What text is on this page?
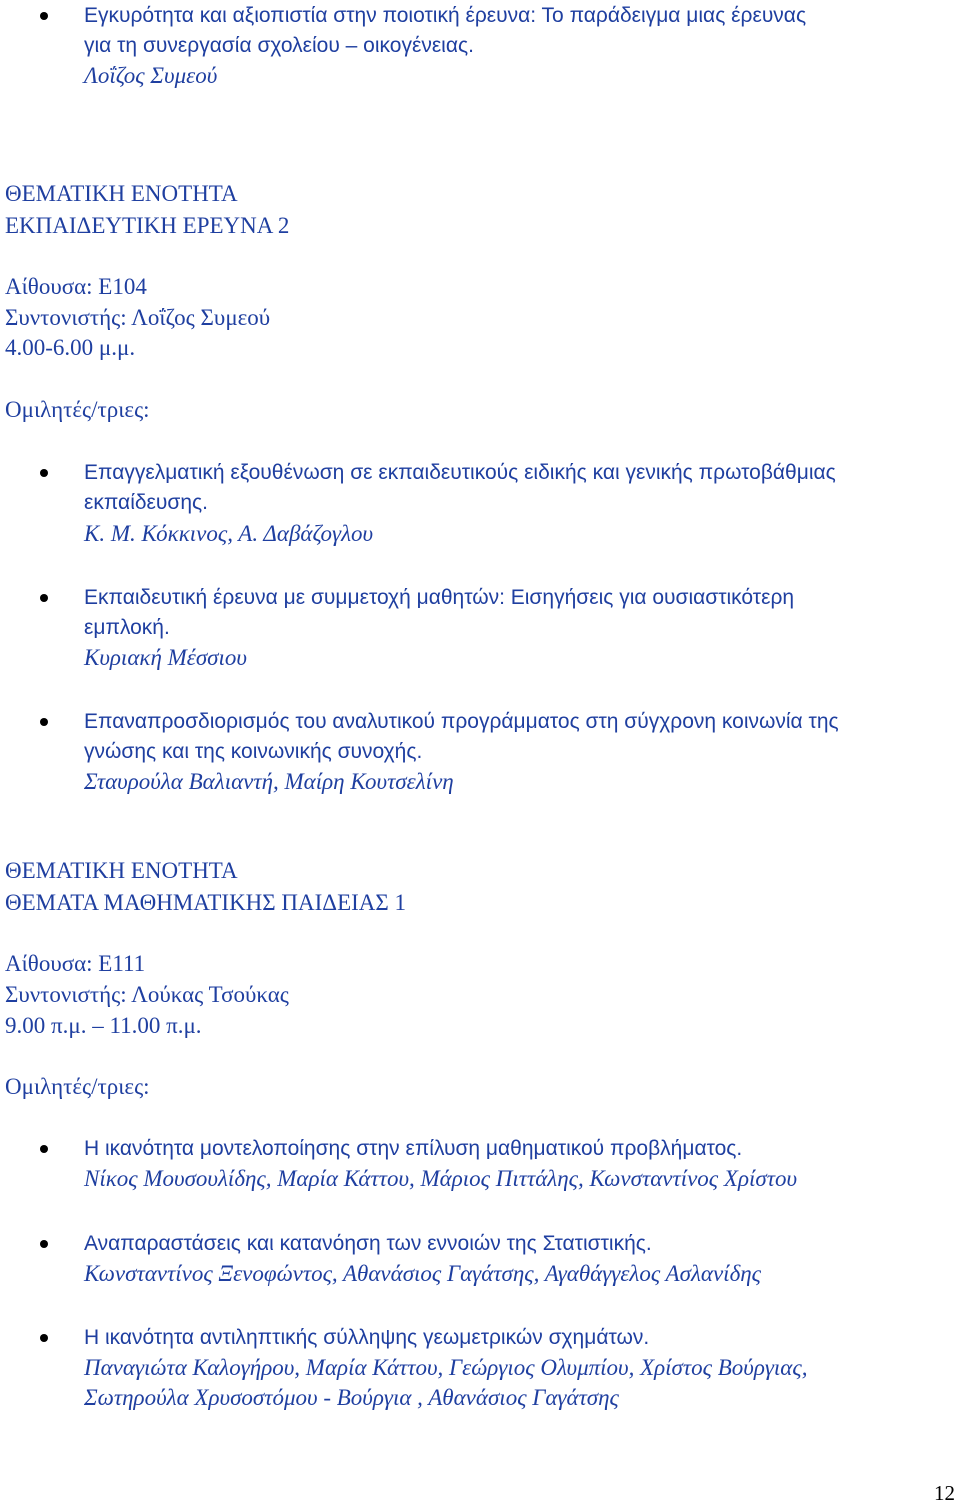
Εγκυρότητα και αξιοπιστία στην ποιοτική έρευνα: Το παράδειγμα μιας έρευνας
για τη συνεργασία σχολείου – οικογένειας.
Λοΐζος Συμεού
ΘΕΜΑΤΙΚΗ ΕΝΟΤΗΤΑ
ΕΚΠΑΙΔΕΥΤΙΚΗ ΕΡΕΥΝΑ 2
Αίθουσα: Ε104
Συντονιστής: Λοΐζος Συμεού
4.00-6.00 μ.μ.
Ομιλητές/τριες:
Επαγγελματική εξουθένωση σε εκπαιδευτικούς ειδικής και γενικής πρωτοβάθμιας
εκπαίδευσης.
Κ. Μ. Κόκκινος, Α. Δαβάζογλου
Εκπαιδευτική έρευνα με συμμετοχή μαθητών: Εισηγήσεις για ουσιαστικότερη
εμπλοκή.
Κυριακή Μέσσιου
Επαναπροσδιορισμός του αναλυτικού προγράμματος στη σύγχρονη κοινωνία της
γνώσης και της κοινωνικής συνοχής.
Σταυρούλα Βαλιαντή, Μαίρη Κουτσελίνη
ΘΕΜΑΤΙΚΗ ΕΝΟΤΗΤΑ
ΘΕΜΑΤΑ ΜΑΘΗΜΑΤΙΚΗΣ ΠΑΙΔΕΙΑΣ 1
Αίθουσα: Ε111
Συντονιστής: Λούκας Τσούκας
9.00 π.μ. – 11.00 π.μ.
Ομιλητές/τριες:
Η ικανότητα μοντελοποίησης στην επίλυση μαθηματικού προβλήματος.
Νίκος Μουσουλίδης, Μαρία Κάττου, Μάριος Πιττάλης, Κωνσταντίνος Χρίστου
Αναπαραστάσεις και κατανόηση των εννοιών της Στατιστικής.
Κωνσταντίνος Ξενοφώντος, Αθανάσιος Γαγάτσης, Αγαθάγγελος Ασλανίδης
Η ικανότητα αντιληπτικής σύλληψης γεωμετρικών σχημάτων.
Παναγιώτα Καλογήρου, Μαρία Κάττου, Γεώργιος Ολυμπίου, Χρίστος Βούργιας,
Σωτηρούλα Χρυσοστόμου - Βούργια , Αθανάσιος Γαγάτσης
12
